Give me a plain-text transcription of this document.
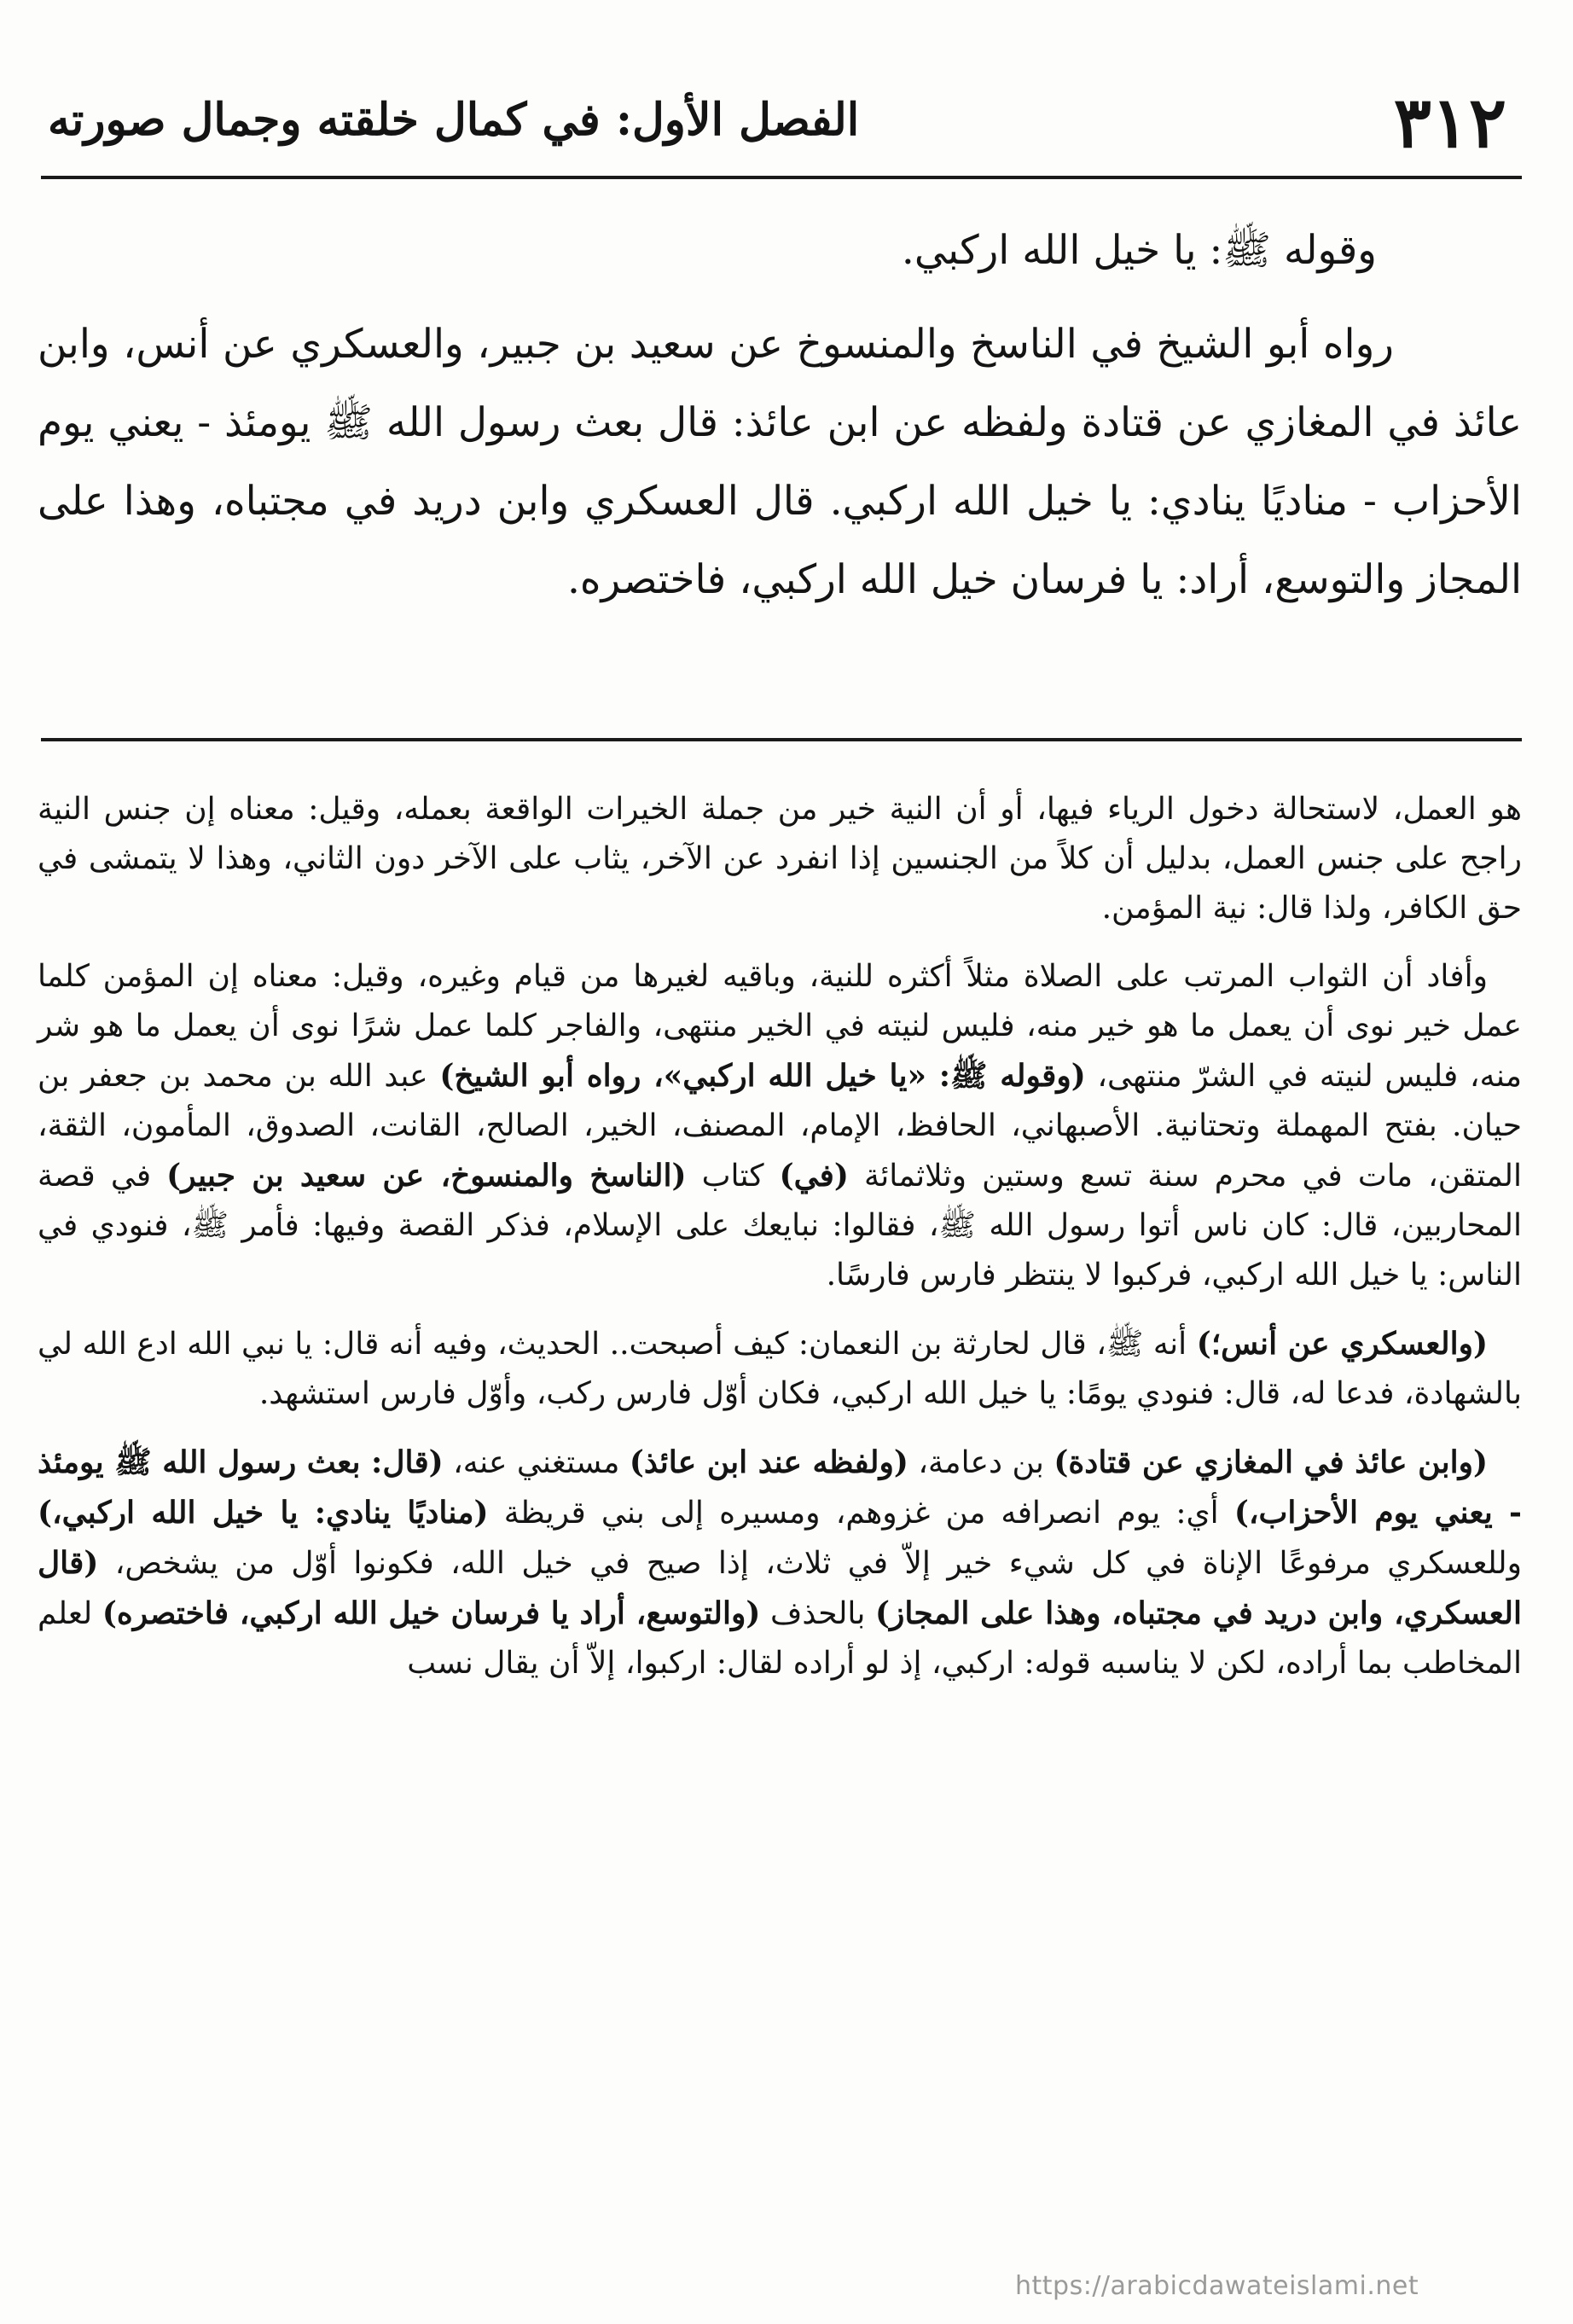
٣١٢
الفصل الأول: في كمال خلقته وجمال صورته

وقوله ﷺ: يا خيل الله اركبي.

رواه أبو الشيخ في الناسخ والمنسوخ عن سعيد بن جبير، والعسكري عن أنس، وابن عائذ في المغازي عن قتادة ولفظه عن ابن عائذ: قال بعث رسول الله ﷺ يومئذ - يعني يوم الأحزاب - مناديًا ينادي: يا خيل الله اركبي. قال العسكري وابن دريد في مجتباه، وهذا على المجاز والتوسع، أراد: يا فرسان خيل الله اركبي، فاختصره.

هو العمل، لاستحالة دخول الرياء فيها، أو أن النية خير من جملة الخيرات الواقعة بعمله، وقيل: معناه إن جنس النية راجح على جنس العمل، بدليل أن كلاً من الجنسين إذا انفرد عن الآخر، يثاب على الآخر دون الثاني، وهذا لا يتمشى في حق الكافر، ولذا قال: نية المؤمن.

وأفاد أن الثواب المرتب على الصلاة مثلاً أكثره للنية، وباقيه لغيرها من قيام وغيره، وقيل: معناه إن المؤمن كلما عمل خير نوى أن يعمل ما هو خير منه، فليس لنيته في الخير منتهى، والفاجر كلما عمل شرًا نوى أن يعمل ما هو شر منه، فليس لنيته في الشرّ منتهى، (وقوله ﷺ: «يا خيل الله اركبي»، رواه أبو الشيخ) عبد الله بن محمد بن جعفر بن حيان. بفتح المهملة وتحتانية. الأصبهاني، الحافظ، الإمام، المصنف، الخير، الصالح، القانت، الصدوق، المأمون، الثقة، المتقن، مات في محرم سنة تسع وستين وثلاثمائة (في) كتاب (الناسخ والمنسوخ، عن سعيد بن جبير) في قصة المحاربين، قال: كان ناس أتوا رسول الله ﷺ، فقالوا: نبايعك على الإسلام، فذكر القصة وفيها: فأمر ﷺ، فنودي في الناس: يا خيل الله اركبي، فركبوا لا ينتظر فارس فارسًا.

(والعسكري عن أنس؛) أنه ﷺ، قال لحارثة بن النعمان: كيف أصبحت.. الحديث، وفيه أنه قال: يا نبي الله ادع الله لي بالشهادة، فدعا له، قال: فنودي يومًا: يا خيل الله اركبي، فكان أوّل فارس ركب، وأوّل فارس استشهد.

(وابن عائذ في المغازي عن قتادة) بن دعامة، (ولفظه عند ابن عائذ) مستغني عنه، (قال: بعث رسول الله ﷺ يومئذ - يعني يوم الأحزاب،) أي: يوم انصرافه من غزوهم، ومسيره إلى بني قريظة (مناديًا ينادي: يا خيل الله اركبي،) وللعسكري مرفوعًا الإناة في كل شيء خير إلاّ في ثلاث، إذا صيح في خيل الله، فكونوا أوّل من يشخص، (قال العسكري، وابن دريد في مجتباه، وهذا على المجاز) بالحذف (والتوسع، أراد يا فرسان خيل الله اركبي، فاختصره) لعلم المخاطب بما أراده، لكن لا يناسبه قوله: اركبي، إذ لو أراده لقال: اركبوا، إلاّ أن يقال نسب

https://arabicdawateislami.net
